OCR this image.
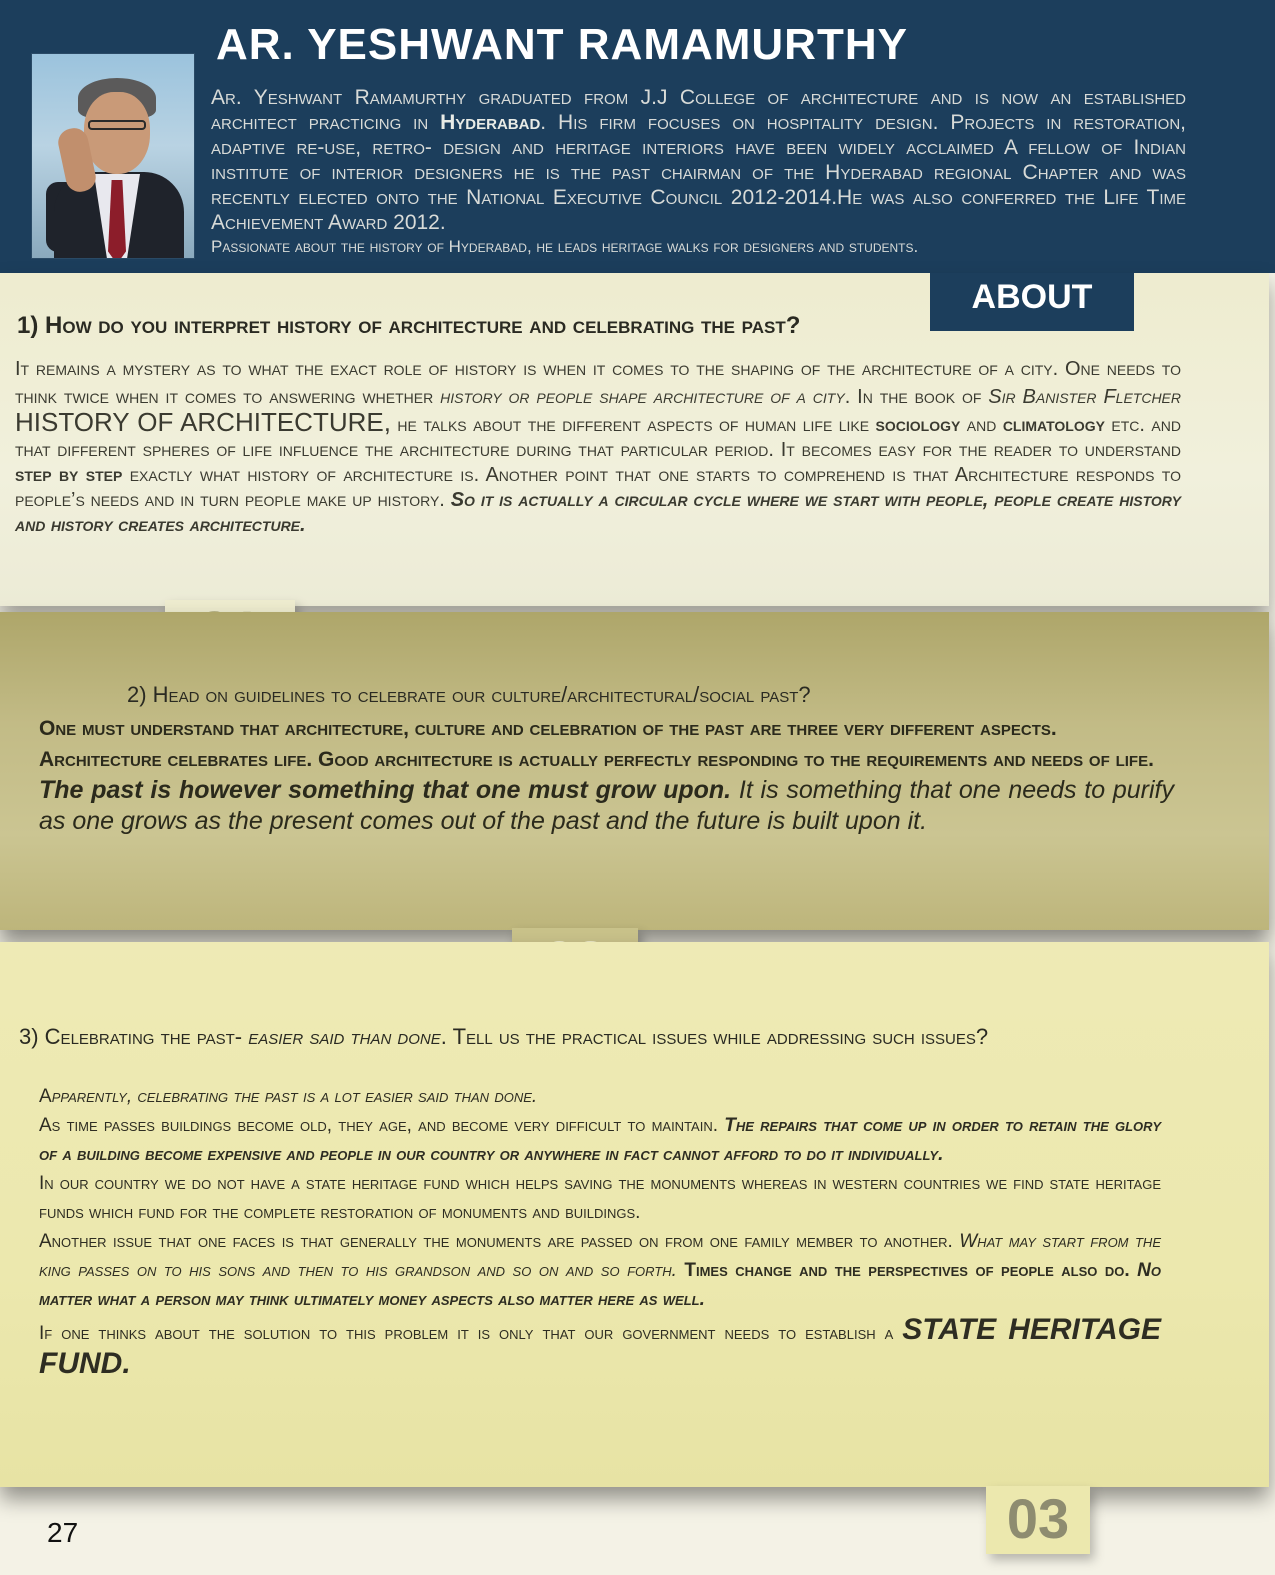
AR. YESHWANT RAMAMURTHY
Ar. Yeshwant Ramamurthy graduated from J.J College of architecture and is now an established architect practicing in Hyderabad. His firm focuses on hospitality design. Projects in restoration, adaptive re-use, retro- design and heritage interiors have been widely acclaimed A fellow of Indian institute of interior designers he is the past chairman of the Hyderabad regional Chapter and was recently elected onto the National Executive Council 2012-2014.He was also conferred the Life Time Achievement Award 2012.
Passionate about the history of Hyderabad, he leads heritage walks for designers and students.
ABOUT
1) How do you interpret history of architecture and celebrating the past?
It remains a mystery as to what the exact role of history is when it comes to the shaping of the architecture of a city. One needs to think twice when it comes to answering whether history or people shape architecture of a city. In the book of Sir Banister Fletcher HISTORY OF ARCHITECTURE, he talks about the different aspects of human life like sociology and climatology etc. and that different spheres of life influence the architecture during that particular period. It becomes easy for the reader to understand step by step exactly what history of architecture is. Another point that one starts to comprehend is that Architecture responds to people’s needs and in turn people make up history. So it is actually a circular cycle where we start with people, people create history and history creates architecture.
2) Head on guidelines to celebrate our culture/architectural/social past?
One must understand that architecture, culture and celebration of the past are three very different aspects.
Architecture celebrates life. Good architecture is actually perfectly responding to the requirements and needs of life.
The past is however something that one must grow upon. It is something that one needs to purify as one grows as the present comes out of the past and the future is built upon it.
3) Celebrating the past- easier said than done. Tell us the practical issues while addressing such issues?

Apparently, celebrating the past is a lot easier said than done.

As time passes buildings become old, they age, and become very difficult to maintain. The repairs that come up in order to retain the glory of a building become expensive and people in our country or anywhere in fact cannot afford to do it individually.

In our country we do not have a state heritage fund which helps saving the monuments whereas in western countries we find state heritage funds which fund for the complete restoration of monuments and buildings.

Another issue that one faces is that generally the monuments are passed on from one family member to another. What may start from the king passes on to his sons and then to his grandson and so on and so forth. Times change and the perspectives of people also do. No matter what a person may think ultimately money aspects also matter here as well.

If one thinks about the solution to this problem it is only that our government needs to establish a STATE HERITAGE FUND.

03
27
